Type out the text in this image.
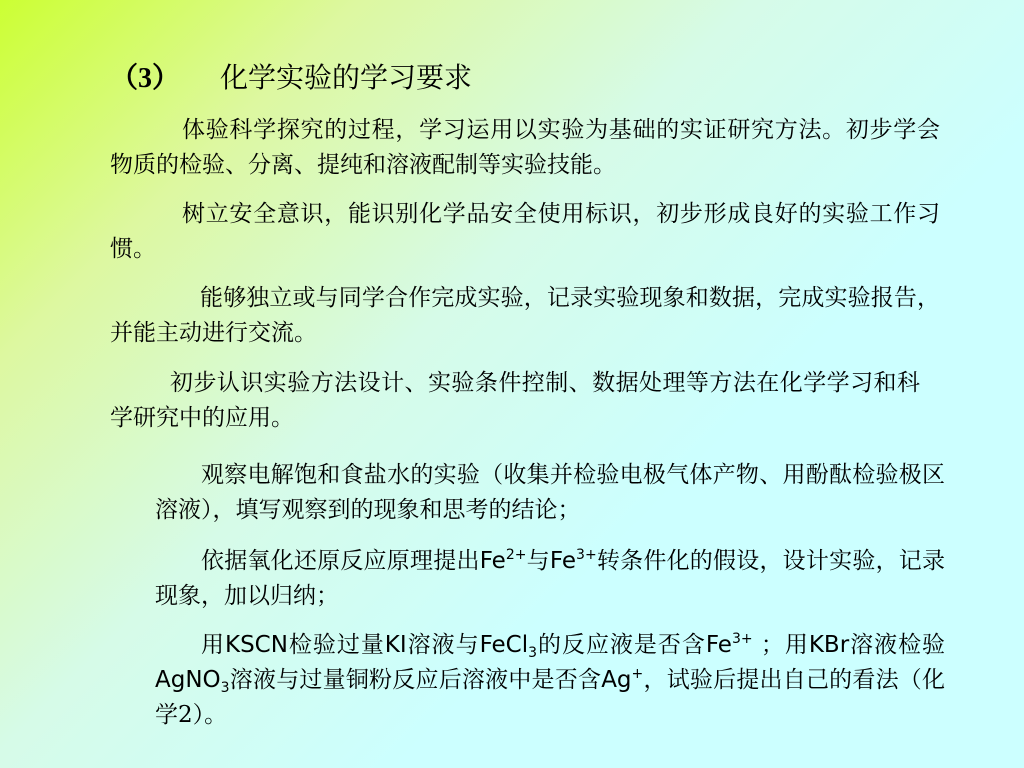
（3） 化学实验的学习要求

体验科学探究的过程，学习运用以实验为基础的实证研究方法。初步学会物质的检验、分离、提纯和溶液配制等实验技能。

树立安全意识，能识别化学品安全使用标识，初步形成良好的实验工作习惯。

能够独立或与同学合作完成实验，记录实验现象和数据，完成实验报告，并能主动进行交流。

初步认识实验方法设计、实验条件控制、数据处理等方法在化学学习和科学研究中的应用。

观察电解饱和食盐水的实验（收集并检验电极气体产物、用酚酞检验极区溶液），填写观察到的现象和思考的结论；

依据氧化还原反应原理提出$Fe^{2+}$与$Fe^{3+}$转条件化的假设，设计实验，记录现象，加以归纳；

用KSCN检验过量KI溶液与FeCl$_3$的反应液是否含$Fe^{3+}$ ；用KBr溶液检验AgNO$_3$溶液与过量铜粉反应后溶液中是否含Ag+，试验后提出自己的看法（化学2）。
